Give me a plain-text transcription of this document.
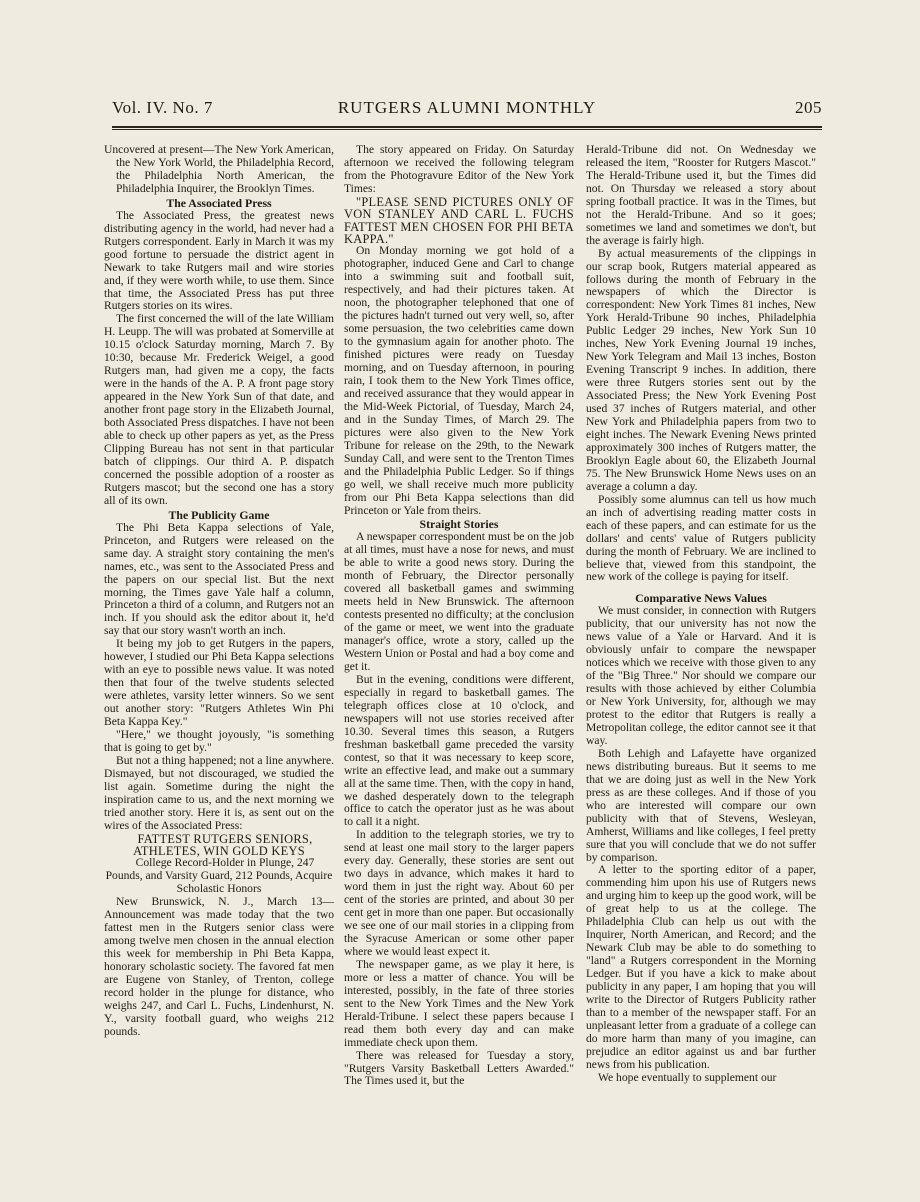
Vol. IV. No. 7	RUTGERS ALUMNI MONTHLY	205

Uncovered at present—The New York American, the New York World, the Philadelphia Record, the Philadelphia North American, the Philadelphia Inquirer, the Brooklyn Times.

The Associated Press

The Associated Press, the greatest news distributing agency in the world, had never had a Rutgers correspondent. Early in March it was my good fortune to persuade the district agent in Newark to take Rutgers mail and wire stories and, if they were worth while, to use them. Since that time, the Associated Press has put three Rutgers stories on its wires.

The first concerned the will of the late William H. Leupp. The will was probated at Somerville at 10.15 o'clock Saturday morning, March 7. By 10:30, because Mr. Frederick Weigel, a good Rutgers man, had given me a copy, the facts were in the hands of the A. P. A front page story appeared in the New York Sun of that date, and another front page story in the Elizabeth Journal, both Associated Press dispatches. I have not been able to check up other papers as yet, as the Press Clipping Bureau has not sent in that particular batch of clippings. Our third A. P. dispatch concerned the possible adoption of a rooster as Rutgers mascot; but the second one has a story all of its own.

The Publicity Game

The Phi Beta Kappa selections of Yale, Princeton, and Rutgers were released on the same day. A straight story containing the men's names, etc., was sent to the Associated Press and the papers on our special list. But the next morning, the Times gave Yale half a column, Princeton a third of a column, and Rutgers not an inch. If you should ask the editor about it, he'd say that our story wasn't worth an inch.

It being my job to get Rutgers in the papers, however, I studied our Phi Beta Kappa selections with an eye to possible news value. It was noted then that four of the twelve students selected were athletes, varsity letter winners. So we sent out another story: "Rutgers Athletes Win Phi Beta Kappa Key."

"Here," we thought joyously, "is something that is going to get by."

But not a thing happened; not a line anywhere. Dismayed, but not discouraged, we studied the list again. Sometime during the night the inspiration came to us, and the next morning we tried another story. Here it is, as sent out on the wires of the Associated Press:

FATTEST RUTGERS SENIORS, ATHLETES, WIN GOLD KEYS

College Record-Holder in Plunge, 247 Pounds, and Varsity Guard, 212 Pounds, Acquire Scholastic Honors

New Brunswick, N. J., March 13—Announcement was made today that the two fattest men in the Rutgers senior class were among twelve men chosen in the annual election this week for membership in Phi Beta Kappa, honorary scholastic society. The favored fat men are Eugene von Stanley, of Trenton, college record holder in the plunge for distance, who weighs 247, and Carl L. Fuchs, Lindenhurst, N. Y., varsity football guard, who weighs 212 pounds.

The story appeared on Friday. On Saturday afternoon we received the following telegram from the Photogravure Editor of the New York Times:

"PLEASE SEND PICTURES ONLY OF VON STANLEY AND CARL L. FUCHS FATTEST MEN CHOSEN FOR PHI BETA KAPPA."

On Monday morning we got hold of a photographer, induced Gene and Carl to change into a swimming suit and football suit, respectively, and had their pictures taken. At noon, the photographer telephoned that one of the pictures hadn't turned out very well, so, after some persuasion, the two celebrities came down to the gymnasium again for another photo. The finished pictures were ready on Tuesday morning, and on Tuesday afternoon, in pouring rain, I took them to the New York Times office, and received assurance that they would appear in the Mid-Week Pictorial, of Tuesday, March 24, and in the Sunday Times, of March 29. The pictures were also given to the New York Tribune for release on the 29th, to the Newark Sunday Call, and were sent to the Trenton Times and the Philadelphia Public Ledger. So if things go well, we shall receive much more publicity from our Phi Beta Kappa selections than did Princeton or Yale from theirs.

Straight Stories

A newspaper correspondent must be on the job at all times, must have a nose for news, and must be able to write a good news story. During the month of February, the Director personally covered all basketball games and swimming meets held in New Brunswick. The afternoon contests presented no difficulty; at the conclusion of the game or meet, we went into the graduate manager's office, wrote a story, called up the Western Union or Postal and had a boy come and get it.

But in the evening, conditions were different, especially in regard to basketball games. The telegraph offices close at 10 o'clock, and newspapers will not use stories received after 10.30. Several times this season, a Rutgers freshman basketball game preceded the varsity contest, so that it was necessary to keep score, write an effective lead, and make out a summary all at the same time. Then, with the copy in hand, we dashed desperately down to the telegraph office to catch the operator just as he was about to call it a night.

In addition to the telegraph stories, we try to send at least one mail story to the larger papers every day. Generally, these stories are sent out two days in advance, which makes it hard to word them in just the right way. About 60 per cent of the stories are printed, and about 30 per cent get in more than one paper. But occasionally we see one of our mail stories in a clipping from the Syracuse American or some other paper where we would least expect it.

The newspaper game, as we play it here, is more or less a matter of chance. You will be interested, possibly, in the fate of three stories sent to the New York Times and the New York Herald-Tribune. I select these papers because I read them both every day and can make immediate check upon them.

There was released for Tuesday a story, "Rutgers Varsity Basketball Letters Awarded." The Times used it, but the

Herald-Tribune did not. On Wednesday we released the item, "Rooster for Rutgers Mascot." The Herald-Tribune used it, but the Times did not. On Thursday we released a story about spring football practice. It was in the Times, but not the Herald-Tribune. And so it goes; sometimes we land and sometimes we don't, but the average is fairly high.

By actual measurements of the clippings in our scrap book, Rutgers material appeared as follows during the month of February in the newspapers of which the Director is correspondent: New York Times 81 inches, New York Herald-Tribune 90 inches, Philadelphia Public Ledger 29 inches, New York Sun 10 inches, New York Evening Journal 19 inches, New York Telegram and Mail 13 inches, Boston Evening Transcript 9 inches. In addition, there were three Rutgers stories sent out by the Associated Press; the New York Evening Post used 37 inches of Rutgers material, and other New York and Philadelphia papers from two to eight inches. The Newark Evening News printed approximately 300 inches of Rutgers matter, the Brooklyn Eagle about 60, the Elizabeth Journal 75. The New Brunswick Home News uses on an average a column a day.

Possibly some alumnus can tell us how much an inch of advertising reading matter costs in each of these papers, and can estimate for us the dollars' and cents' value of Rutgers publicity during the month of February. We are inclined to believe that, viewed from this standpoint, the new work of the college is paying for itself.

Comparative News Values

We must consider, in connection with Rutgers publicity, that our university has not now the news value of a Yale or Harvard. And it is obviously unfair to compare the newspaper notices which we receive with those given to any of the "Big Three." Nor should we compare our results with those achieved by either Columbia or New York University, for, although we may protest to the editor that Rutgers is really a Metropolitan college, the editor cannot see it that way.

Both Lehigh and Lafayette have organized news distributing bureaus. But it seems to me that we are doing just as well in the New York press as are these colleges. And if those of you who are interested will compare our own publicity with that of Stevens, Wesleyan, Amherst, Williams and like colleges, I feel pretty sure that you will conclude that we do not suffer by comparison.

A letter to the sporting editor of a paper, commending him upon his use of Rutgers news and urging him to keep up the good work, will be of great help to us at the college. The Philadelphia Club can help us out with the Inquirer, North American, and Record; and the Newark Club may be able to do something to "land" a Rutgers correspondent in the Morning Ledger. But if you have a kick to make about publicity in any paper, I am hoping that you will write to the Director of Rutgers Publicity rather than to a member of the newspaper staff. For an unpleasant letter from a graduate of a college can do more harm than many of you imagine, can prejudice an editor against us and bar further news from his publication.

We hope eventually to supplement our
